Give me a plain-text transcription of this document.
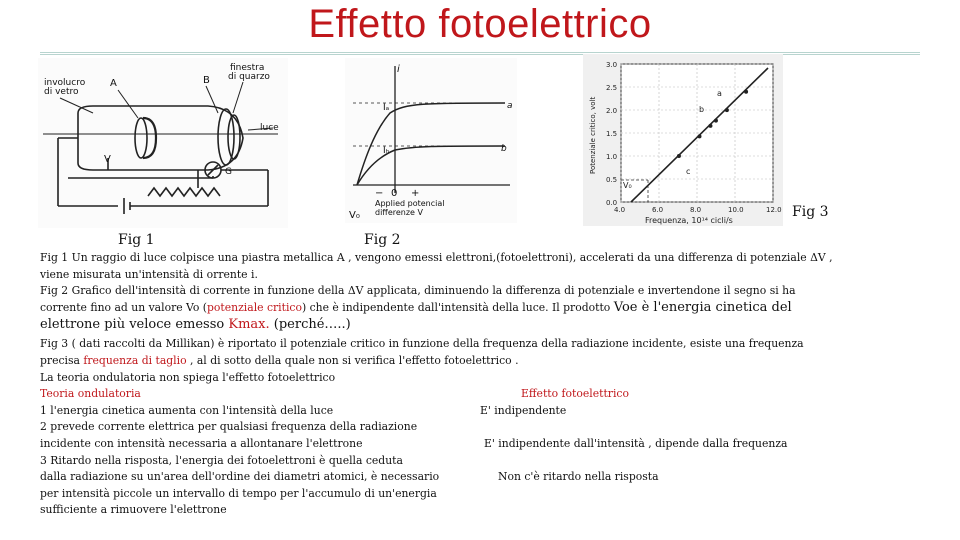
Effetto fotoelettrico
involucro
di vetro
A	B
finestra
di quarzo
luce
V
G
i
Iₐ
Iₕ
a
b
− 0 +
V₀
Applied potencial
differenze V	4.0	6.0	8.0	10.0	12.0
0.0
0.5
1.0
1.5
2.0
2.5
3.0
a
b
c
V₀
Potenziale critico, volt
Frequenza, 10¹⁴ cicli/s
Fig 1	Fig 2
Fig 3

Fig 1 Un raggio di luce colpisce una piastra metallica A , vengono emessi elettroni,(fotoelettroni), accelerati da una differenza di potenziale ΔV ,

viene misurata un'intensità di orrente i.

Fig 2 Grafico dell'intensità di corrente in funzione della ΔV applicata, diminuendo la differenza di potenziale e invertendone il segno si ha

corrente fino ad un valore Vo (potenziale critico) che è indipendente dall'intensità della luce. Il prodotto Voe è l'energia cinetica del

elettrone più veloce emesso Kmax. (perché…..)

Fig 3 ( dati raccolti da Millikan) è riportato il potenziale critico in funzione della frequenza della radiazione incidente, esiste una frequenza

precisa frequenza di taglio , al di sotto della quale non si verifica l'effetto fotoelettrico .

La teoria ondulatoria non spiega l'effetto fotoelettrico

Teoria ondulatoria	Effetto fotoelettrico

1 l'energia cinetica aumenta con l'intensità della luce	E' indipendente

2 prevede corrente elettrica per qualsiasi frequenza della radiazione

incidente con intensità necessaria a allontanare l'elettrone	E' indipendente dall'intensità , dipende dalla frequenza

3 Ritardo nella risposta, l'energia dei fotoelettroni è quella ceduta

dalla radiazione su un'area dell'ordine dei diametri atomici, è necessario	Non c'è ritardo nella risposta

per intensità piccole un intervallo di tempo per l'accumulo di un'energia

sufficiente a rimuovere l'elettrone
